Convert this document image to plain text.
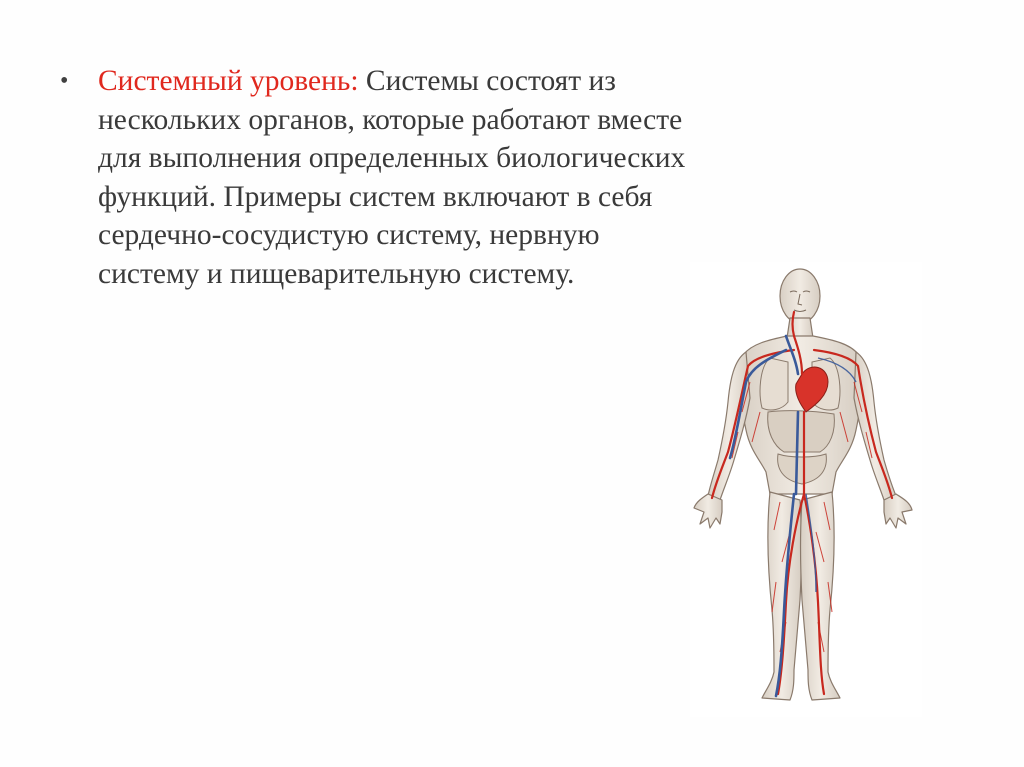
• Системный уровень: Системы состоят из нескольких органов, которые работают вместе для выполнения определенных биологических функций. Примеры систем включают в себя сердечно-сосудистую систему, нервную систему и пищеварительную систему.
